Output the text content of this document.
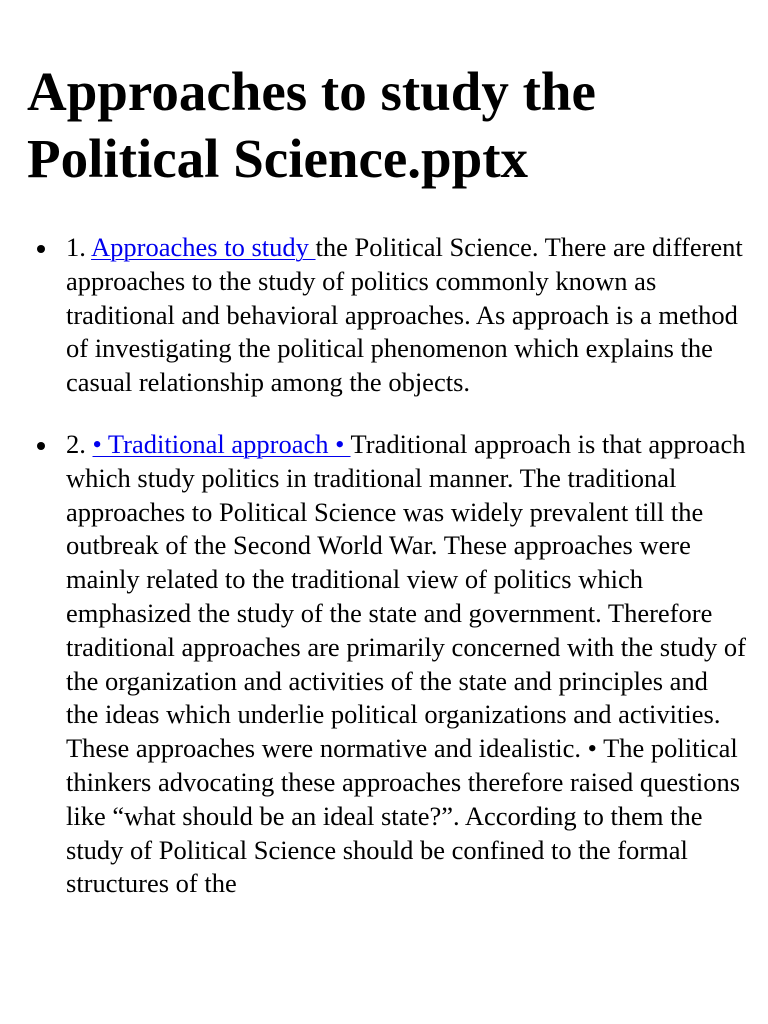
Approaches to study the Political Science.pptx
1. Approaches to study the Political Science. There are different approaches to the study of politics commonly known as traditional and behavioral approaches. As approach is a method of investigating the political phenomenon which explains the casual relationship among the objects.
2. • Traditional approach • Traditional approach is that approach which study politics in traditional manner. The traditional approaches to Political Science was widely prevalent till the outbreak of the Second World War. These approaches were mainly related to the traditional view of politics which emphasized the study of the state and government. Therefore traditional approaches are primarily concerned with the study of the organization and activities of the state and principles and the ideas which underlie political organizations and activities. These approaches were normative and idealistic. • The political thinkers advocating these approaches therefore raised questions like “what should be an ideal state?”. According to them the study of Political Science should be confined to the formal structures of the
